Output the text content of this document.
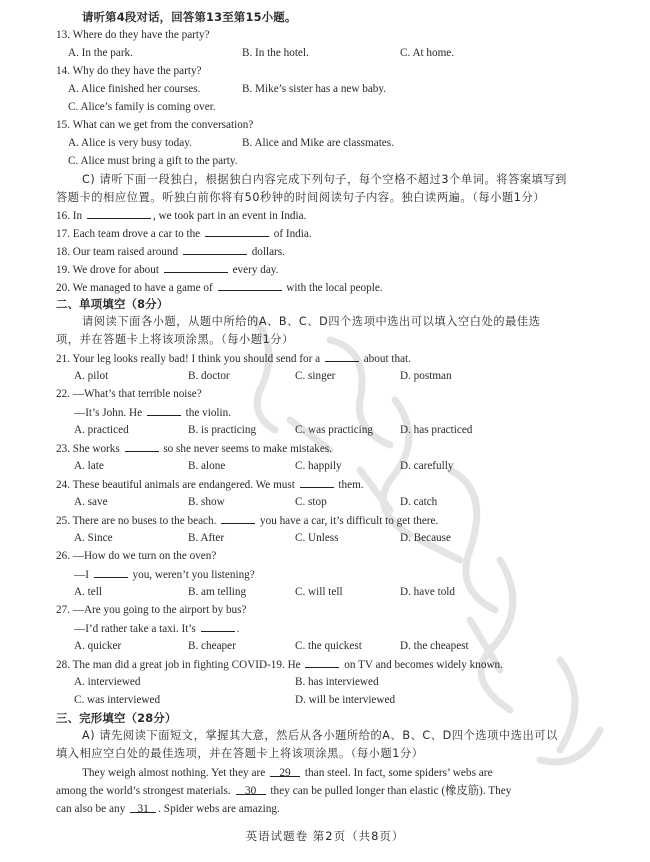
请听第4段对话，回答第13至第15小题。
13. Where do they have the party?
A. In the park.	B. In the hotel.	C. At home.
14. Why do they have the party?
A. Alice finished her courses.	B. Mike’s sister has a new baby.
C. Alice’s family is coming over.
15. What can we get from the conversation?
A. Alice is very busy today.	B. Alice and Mike are classmates.
C. Alice must bring a gift to the party.
C) 请听下面一段独白，根据独白内容完成下列句子，每个空格不超过3个单词。将答案填写到
答题卡的相应位置。听独白前你将有50秒钟的时间阅读句子内容。独白读两遍。（每小题1分）
16. In	, we took part in an event in India.
17. Each team drove a car to the	of India.
18. Our team raised around	dollars.
19. We drove for about	every day.
20. We managed to have a game of	with the local people.
二、单项填空（8分）
请阅读下面各小题，从题中所给的A、B、C、D四个选项中选出可以填入空白处的最佳选
项，并在答题卡上将该项涂黑。（每小题1分）
21. Your leg looks really bad! I think you should send for a	about that.
A. pilot	B. doctor	C. singer	D. postman
22. —What’s that terrible noise?
—It’s John. He	the violin.
A. practiced	B. is practicing	C. was practicing D. has practiced
23. She works	so she never seems to make mistakes.
A. late	B. alone	C. happily	D. carefully
24. These beautiful animals are endangered. We must	them.
A. save	B. show	C. stop	D. catch
25. There are no buses to the beach.	you have a car, it’s difficult to get there.
A. Since	B. After	C. Unless	D. Because
26. —How do we turn on the oven?
—I	you, weren’t you listening?
A. tell	B. am telling	C. will tell	D. have told
27. —Are you going to the airport by bus?
—I’d rather take a taxi. It’s	.
A. quicker	B. cheaper	C. the quickest	D. the cheapest
28. The man did a great job in fighting COVID-19. He	on TV and becomes widely known.
A. interviewed	B. has interviewed
C. was interviewed	D. will be interviewed
三、完形填空（28分）
A) 请先阅读下面短文，掌握其大意，然后从各小题所给的A、B、C、D四个选项中选出可以
填入相应空白处的最佳选项，并在答题卡上将该项涂黑。（每小题1分）
They weigh almost nothing. Yet they are 29 than steel. In fact, some spiders’ webs are
among the world’s strongest materials. 30 they can be pulled longer than elastic (橡皮筋). They
can also be any 31 . Spider webs are amazing.
英语试题卷 第2页（共8页）
